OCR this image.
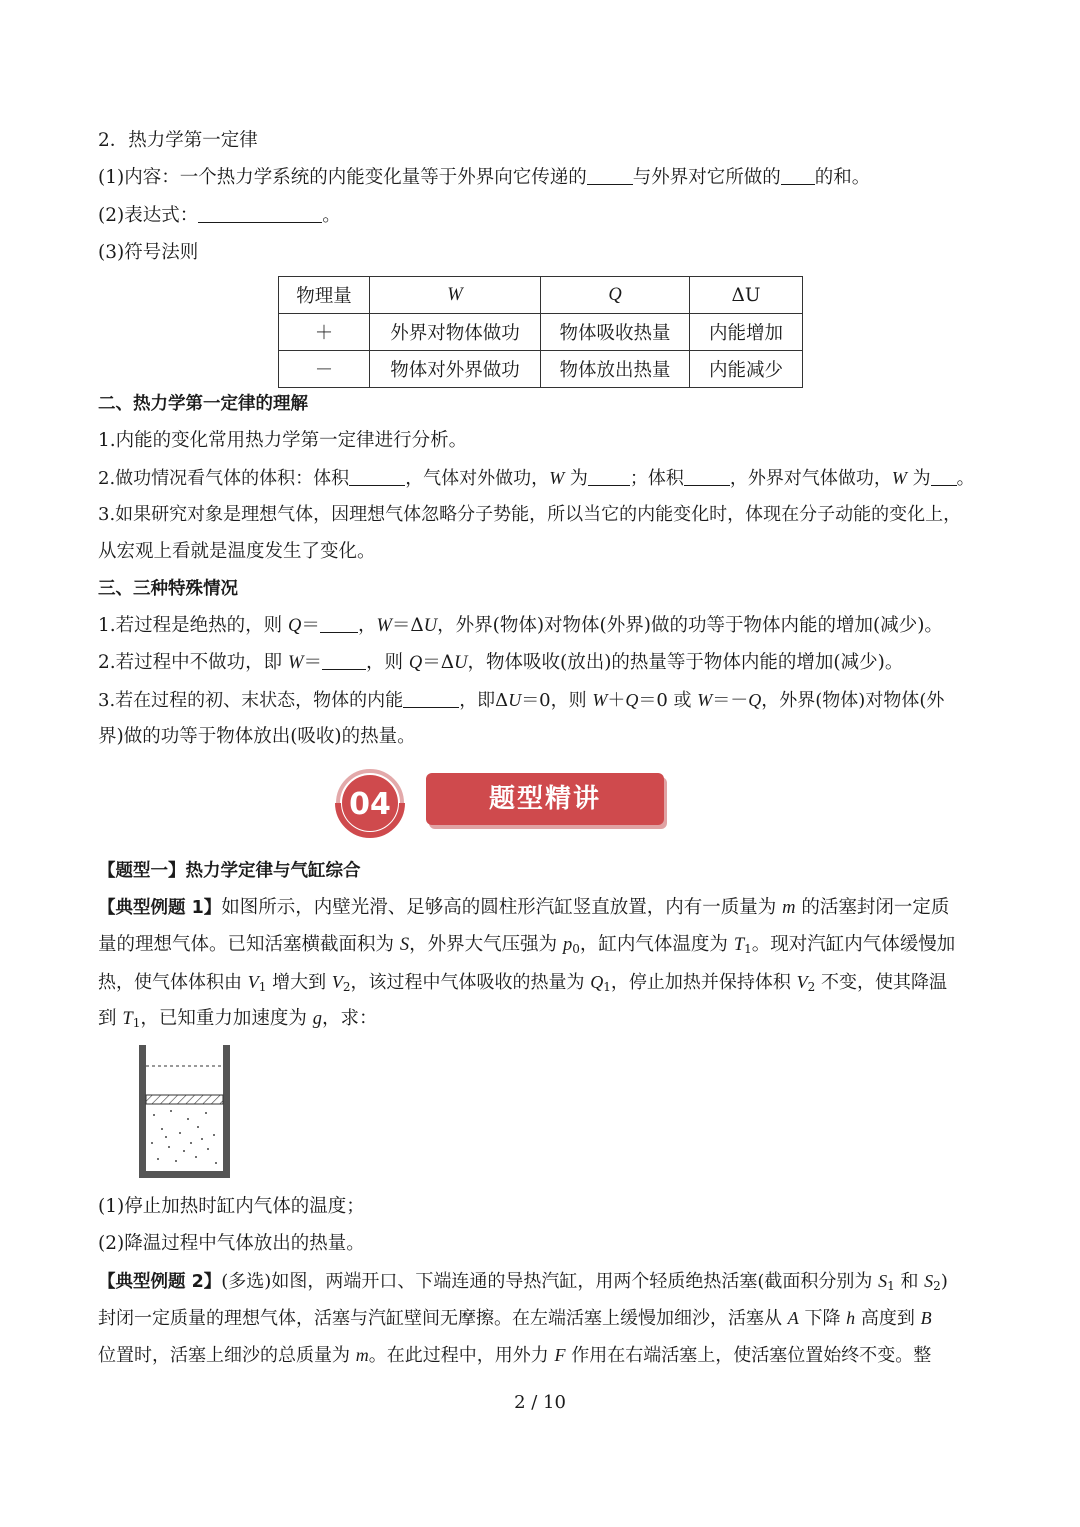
2．热力学第一定律
(1)内容：一个热力学系统的内能变化量等于外界向它传递的 与外界对它所做的 的和。
(2)表达式：	。
(3)符号法则
物理量	W	Q	ΔU
＋	外界对物体做功	物体吸收热量	内能增加
－	物体对外界做功	物体放出热量	内能减少
二、热力学第一定律的理解
1.内能的变化常用热力学第一定律进行分析。
2.做功情况看气体的体积：体积	，气体对外做功，W 为 ；体积	，外界对气体做功，W 为 。
3.如果研究对象是理想气体，因理想气体忽略分子势能，所以当它的内能变化时，体现在分子动能的变化上，
从宏观上看就是温度发生了变化。
三、三种特殊情况
1.若过程是绝热的，则 Q＝ ，W＝ΔU，外界(物体)对物体(外界)做的功等于物体内能的增加(减少)。
2.若过程中不做功，即 W＝ ，则 Q＝ΔU，物体吸收(放出)的热量等于物体内能的增加(减少)。
3.若在过程的初、末状态，物体的内能	，即ΔU＝0，则 W＋Q＝0 或 W＝－Q，外界(物体)对物体(外
界)做的功等于物体放出(吸收)的热量。
04	题型精讲
【题型一】热力学定律与气缸综合
【典型例题 1】如图所示，内壁光滑、足够高的圆柱形汽缸竖直放置，内有一质量为 m 的活塞封闭一定质
量的理想气体。已知活塞横截面积为 S，外界大气压强为 $p_0$，缸内气体温度为 $T_1$。现对汽缸内气体缓慢加
热，使气体体积由 $V_1$ 增大到 $V_2$，该过程中气体吸收的热量为 $Q_1$，停止加热并保持体积 $V_2$ 不变，使其降温
到 $T_1$，已知重力加速度为 g，求：
(1)停止加热时缸内气体的温度；
(2)降温过程中气体放出的热量。
【典型例题 2】(多选)如图，两端开口、下端连通的导热汽缸，用两个轻质绝热活塞(截面积分别为 $S_1$ 和 $S_2$)
封闭一定质量的理想气体，活塞与汽缸壁间无摩擦。在左端活塞上缓慢加细沙，活塞从 A 下降 h 高度到 B
位置时，活塞上细沙的总质量为 m。在此过程中，用外力 F 作用在右端活塞上，使活塞位置始终不变。整
2 / 10
